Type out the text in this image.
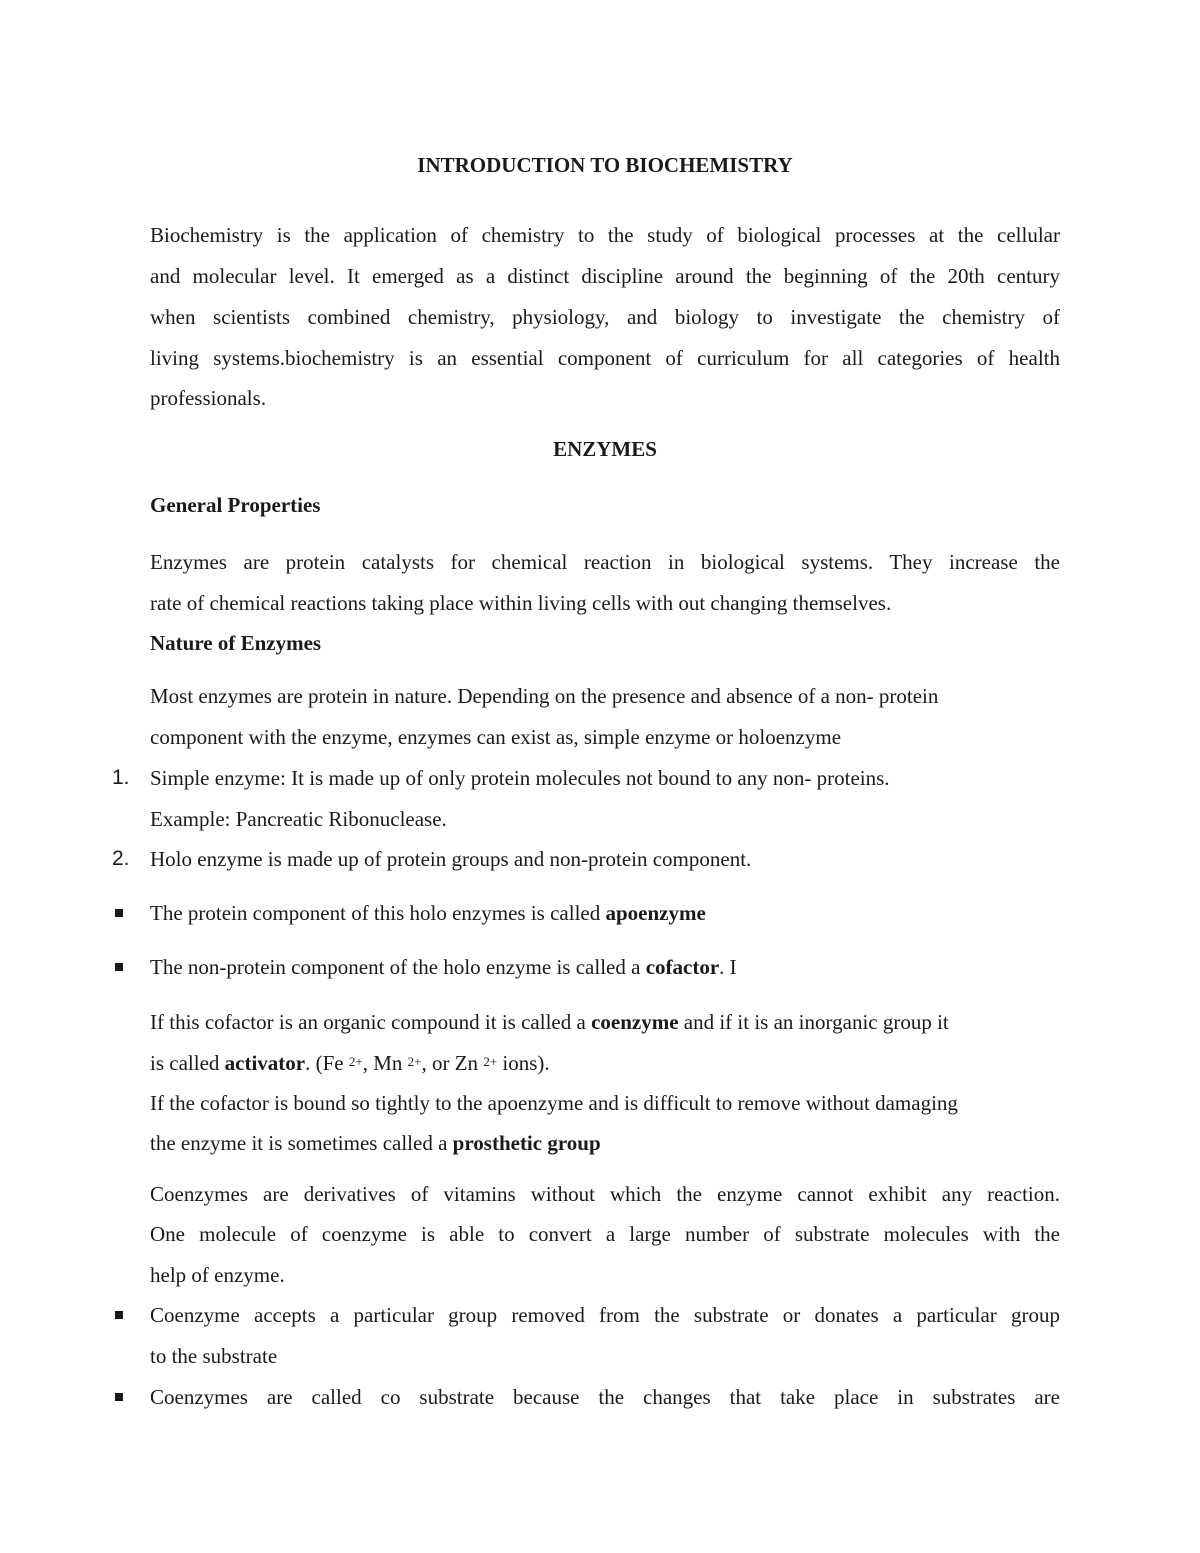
INTRODUCTION TO BIOCHEMISTRY
Biochemistry is the application of chemistry to the study of biological processes at the cellular
and molecular level. It emerged as a distinct discipline around the beginning of the 20th century
when scientists combined chemistry, physiology, and biology to investigate the chemistry of
living systems.biochemistry is an essential component of curriculum for all categories of health
professionals.
ENZYMES
General Properties
Enzymes are protein catalysts for chemical reaction in biological systems. They increase the
rate of chemical reactions taking place within living cells with out changing themselves.
Nature of Enzymes
Most enzymes are protein in nature. Depending on the presence and absence of a non- protein
component with the enzyme, enzymes can exist as, simple enzyme or holoenzyme
1. Simple enzyme: It is made up of only protein molecules not bound to any non- proteins.
Example: Pancreatic Ribonuclease.
2. Holo enzyme is made up of protein groups and non-protein component.
The protein component of this holo enzymes is called apoenzyme
The non-protein component of the holo enzyme is called a cofactor. I
If this cofactor is an organic compound it is called a coenzyme and if it is an inorganic group it
is called activator. (Fe $^{2+}$, Mn $^{2+}$, or Zn $^{2+}$ ions).
If the cofactor is bound so tightly to the apoenzyme and is difficult to remove without damaging
the enzyme it is sometimes called a prosthetic group
Coenzymes are derivatives of vitamins without which the enzyme cannot exhibit any reaction.
One molecule of coenzyme is able to convert a large number of substrate molecules with the
help of enzyme.
Coenzyme accepts a particular group removed from the substrate or donates a particular group
to the substrate
Coenzymes are called co substrate because the changes that take place in substrates are
